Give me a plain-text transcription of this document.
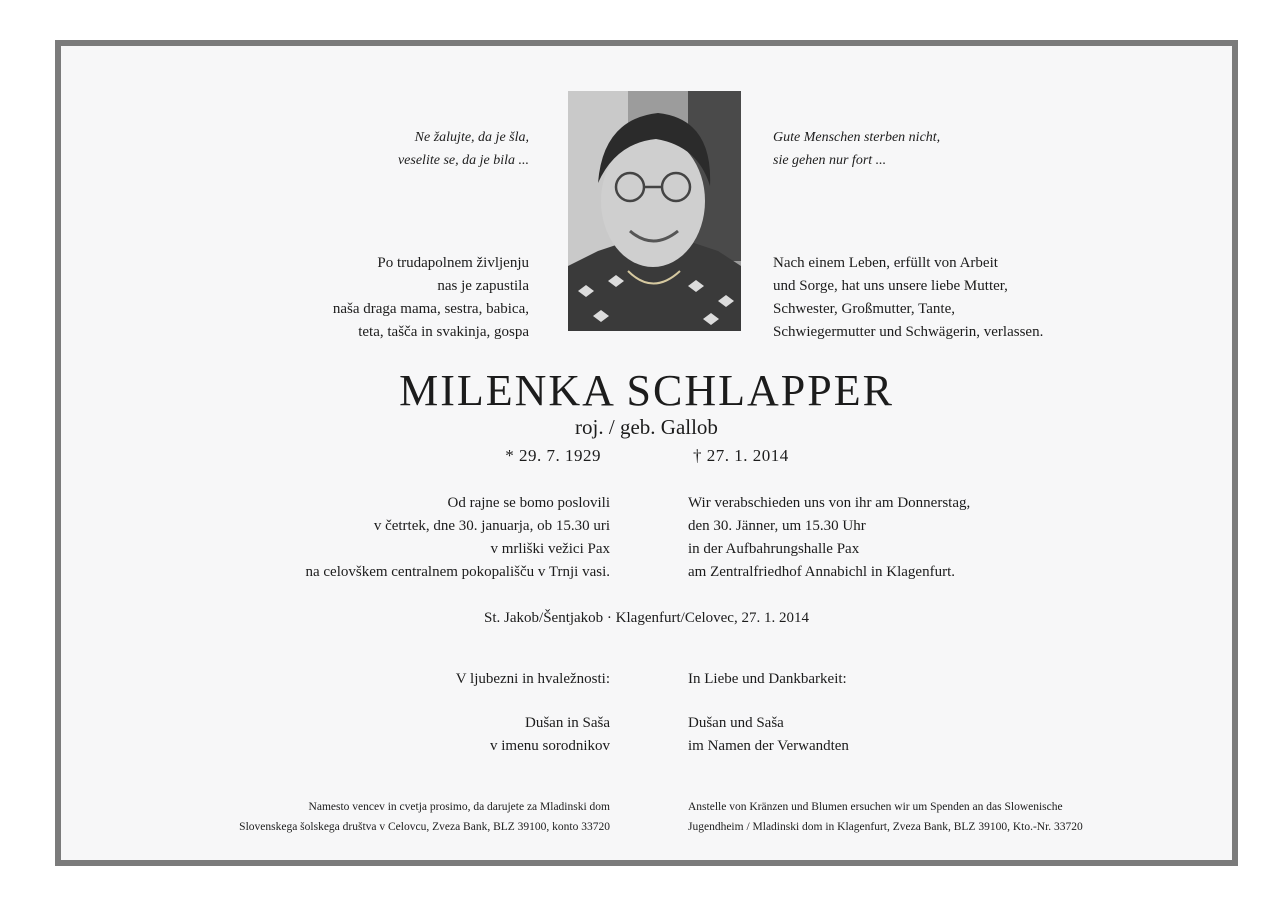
Ne žalujte, da je šla,
veselite se, da je bila ...
Gute Menschen sterben nicht,
sie gehen nur fort ...
Po trudapolnem življenju
nas je zapustila
naša draga mama, sestra, babica,
teta, tašča in svakinja, gospa
Nach einem Leben, erfüllt von Arbeit
und Sorge, hat uns unsere liebe Mutter,
Schwester, Großmutter, Tante,
Schwiegermutter und Schwägerin, verlassen.
MILENKA SCHLAPPER
roj. / geb. Gallob
* 29. 7. 1929	† 27. 1. 2014
Od rajne se bomo poslovili
v četrtek, dne 30. januarja, ob 15.30 uri
v mrliški vežici Pax
na celovškem centralnem pokopališču v Trnji vasi.
Wir verabschieden uns von ihr am Donnerstag,
den 30. Jänner, um 15.30 Uhr
in der Aufbahrungshalle Pax
am Zentralfriedhof Annabichl in Klagenfurt.
St. Jakob/Šentjakob · Klagenfurt/Celovec, 27. 1. 2014
V ljubezni in hvaležnosti:	In Liebe und Dankbarkeit:
Dušan in Saša
v imenu sorodnikov
Dušan und Saša
im Namen der Verwandten
Namesto vencev in cvetja prosimo, da darujete za Mladinski dom
Slovenskega šolskega društva v Celovcu, Zveza Bank, BLZ 39100, konto 33720
Anstelle von Kränzen und Blumen ersuchen wir um Spenden an das Slowenische
Jugendheim / Mladinski dom in Klagenfurt, Zveza Bank, BLZ 39100, Kto.-Nr. 33720
